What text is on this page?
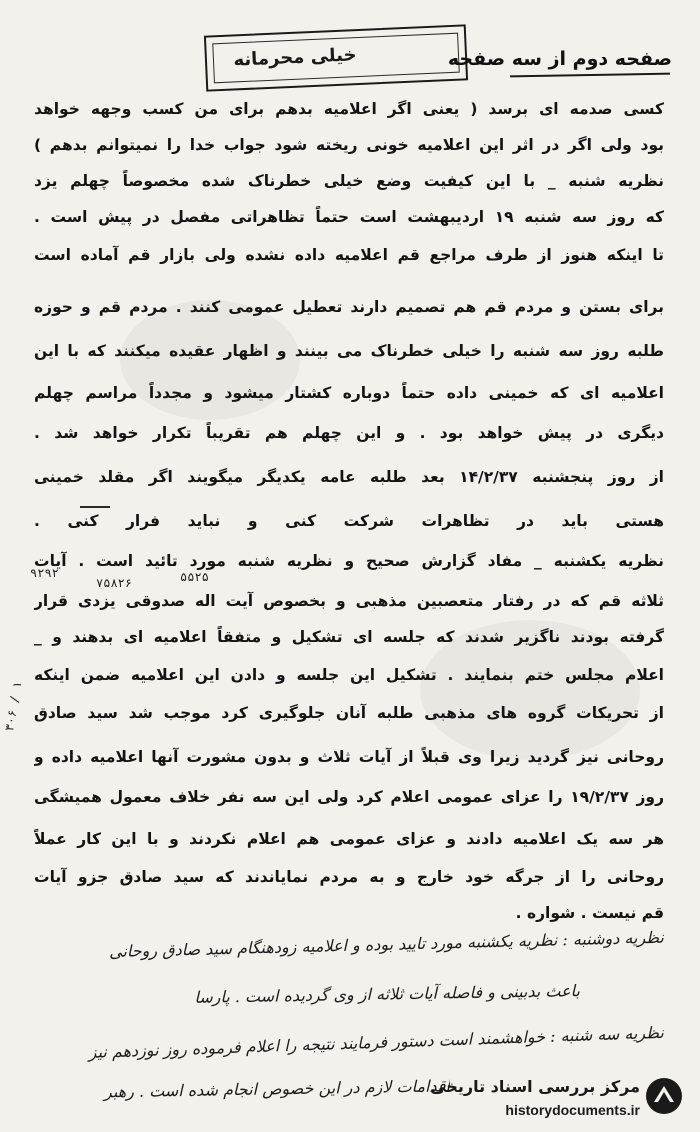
خیلی محرمانه	صفحه دوم از سه صفحه
کسی صدمه ای برسد ( یعنی اگر اعلامیه بدهم برای من کسب وجهه خواهد
بود ولی اگر در اثر این اعلامیه خونی ریخته شود جواب خدا را نمیتوانم بدهم )
نظریه شنبه _ با این کیفیت وضع خیلی خطرناک شده مخصوصاً چهلم یزد
که روز سه شنبه ۱۹ اردیبهشت است حتماً تظاهراتی مفصل در پیش است .
تا اینکه هنوز از طرف مراجع قم اعلامیه داده نشده ولی بازار قم آماده است
برای بستن و مردم قم هم تصمیم دارند تعطیل عمومی کنند . مردم قم و حوزه
طلبه روز سه شنبه را خیلی خطرناک می بینند و اظهار عقیده میکنند که با این
اعلامیه ای که خمینی داده حتماً دوباره کشتار میشود و مجدداً مراسم چهلم
دیگری در پیش خواهد بود . و این چهلم هم تقریباً تکرار خواهد شد .
از روز پنجشنبه ۱۴/۲/۳۷ بعد طلبه عامه یکدیگر میگویند اگر مقلد خمینی
هستی باید در تظاهرات شرکت کنی و نباید فرار کنی .
نظریه یکشنبه _ مفاد گزارش صحیح و نظریه شنبه مورد تائید است . آیات
ثلاثه قم که در رفتار متعصبین مذهبی و بخصوص آیت اله صدوقی یزدی قرار
گرفته بودند ناگزیر شدند که جلسه ای تشکیل و متفقاً اعلامیه ای بدهند و _
اعلام مجلس ختم بنمایند . تشکیل این جلسه و دادن این اعلامیه ضمن اینکه
از تحریکات گروه های مذهبی طلبه آنان جلوگیری کرد موجب شد سید صادق
روحانی نیز گردید زیرا وی قبلاً از آیات ثلاث و بدون مشورت آنها اعلامیه داده و
روز ۱۹/۲/۳۷ را عزای عمومی اعلام کرد ولی این سه نفر خلاف معمول همیشگی
هر سه یک اعلامیه دادند و عزای عمومی هم اعلام نکردند و با این کار عملاً
روحانی را از جرگه خود خارج و به مردم نمایاندند که سید صادق جزو آیات
قم نیست . شواره .
۹۲۹۲
۷۵۸۲۶	۵۵۲۵
۳۰۶ / ۱
نظریه دوشنبه : نظریه یکشنبه مورد تایید بوده و اعلامیه زودهنگام سید صادق روحانی
باعث بدبینی و فاصله آیات ثلاثه از وی گردیده است . پارسا
نظریه سه شنبه : خواهشمند است دستور فرمایند نتیجه را اعلام فرموده روز نوزدهم نیز
اقدامات لازم در این خصوص انجام شده است . رهبر
مرکز بررسی اسناد تاریخی
historydocuments.ir
